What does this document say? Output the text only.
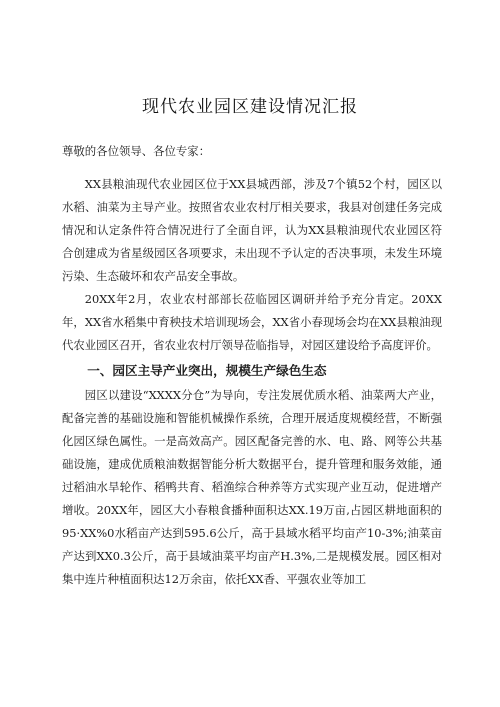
现代农业园区建设情况汇报

尊敬的各位领导、各位专家：

XX县粮油现代农业园区位于XX县城西部，涉及7个镇52个村，园区以水稻、油菜为主导产业。按照省农业农村厅相关要求，我县对创建任务完成情况和认定条件符合情况进行了全面自评，认为XX县粮油现代农业园区符合创建成为省星级园区各项要求，未出现不予认定的否决事项，未发生环境污染、生态破坏和农产品安全事故。

20XX年2月，农业农村部部长莅临园区调研并给予充分肯定。20XX年，XX省水稻集中育秧技术培训现场会，XX省小春现场会均在XX县粮油现代农业园区召开，省农业农村厅领导莅临指导，对园区建设给予高度评价。

一、园区主导产业突出，规模生产绿色生态

园区以建设“XXXX分仓”为导向，专注发展优质水稻、油菜两大产业，配备完善的基础设施和智能机械操作系统，合理开展适度规模经营，不断强化园区绿色属性。一是高效高产。园区配备完善的水、电、路、网等公共基础设施，建成优质粮油数据智能分析大数据平台，提升管理和服务效能，通过稻油水旱轮作、稻鸭共育、稻渔综合种养等方式实现产业互动，促进增产增收。20XX年，园区大小春粮食播种面积达XX.19万亩,占园区耕地面积的95·XX%0水稻亩产达到595.6公斤，高于县域水稻平均亩产10-3%;油菜亩产达到XX0.3公斤，高于县域油菜平均亩产H.3%,二是规模发展。园区相对集中连片种植面积达12万余亩，依托XX香、平强农业等加工
